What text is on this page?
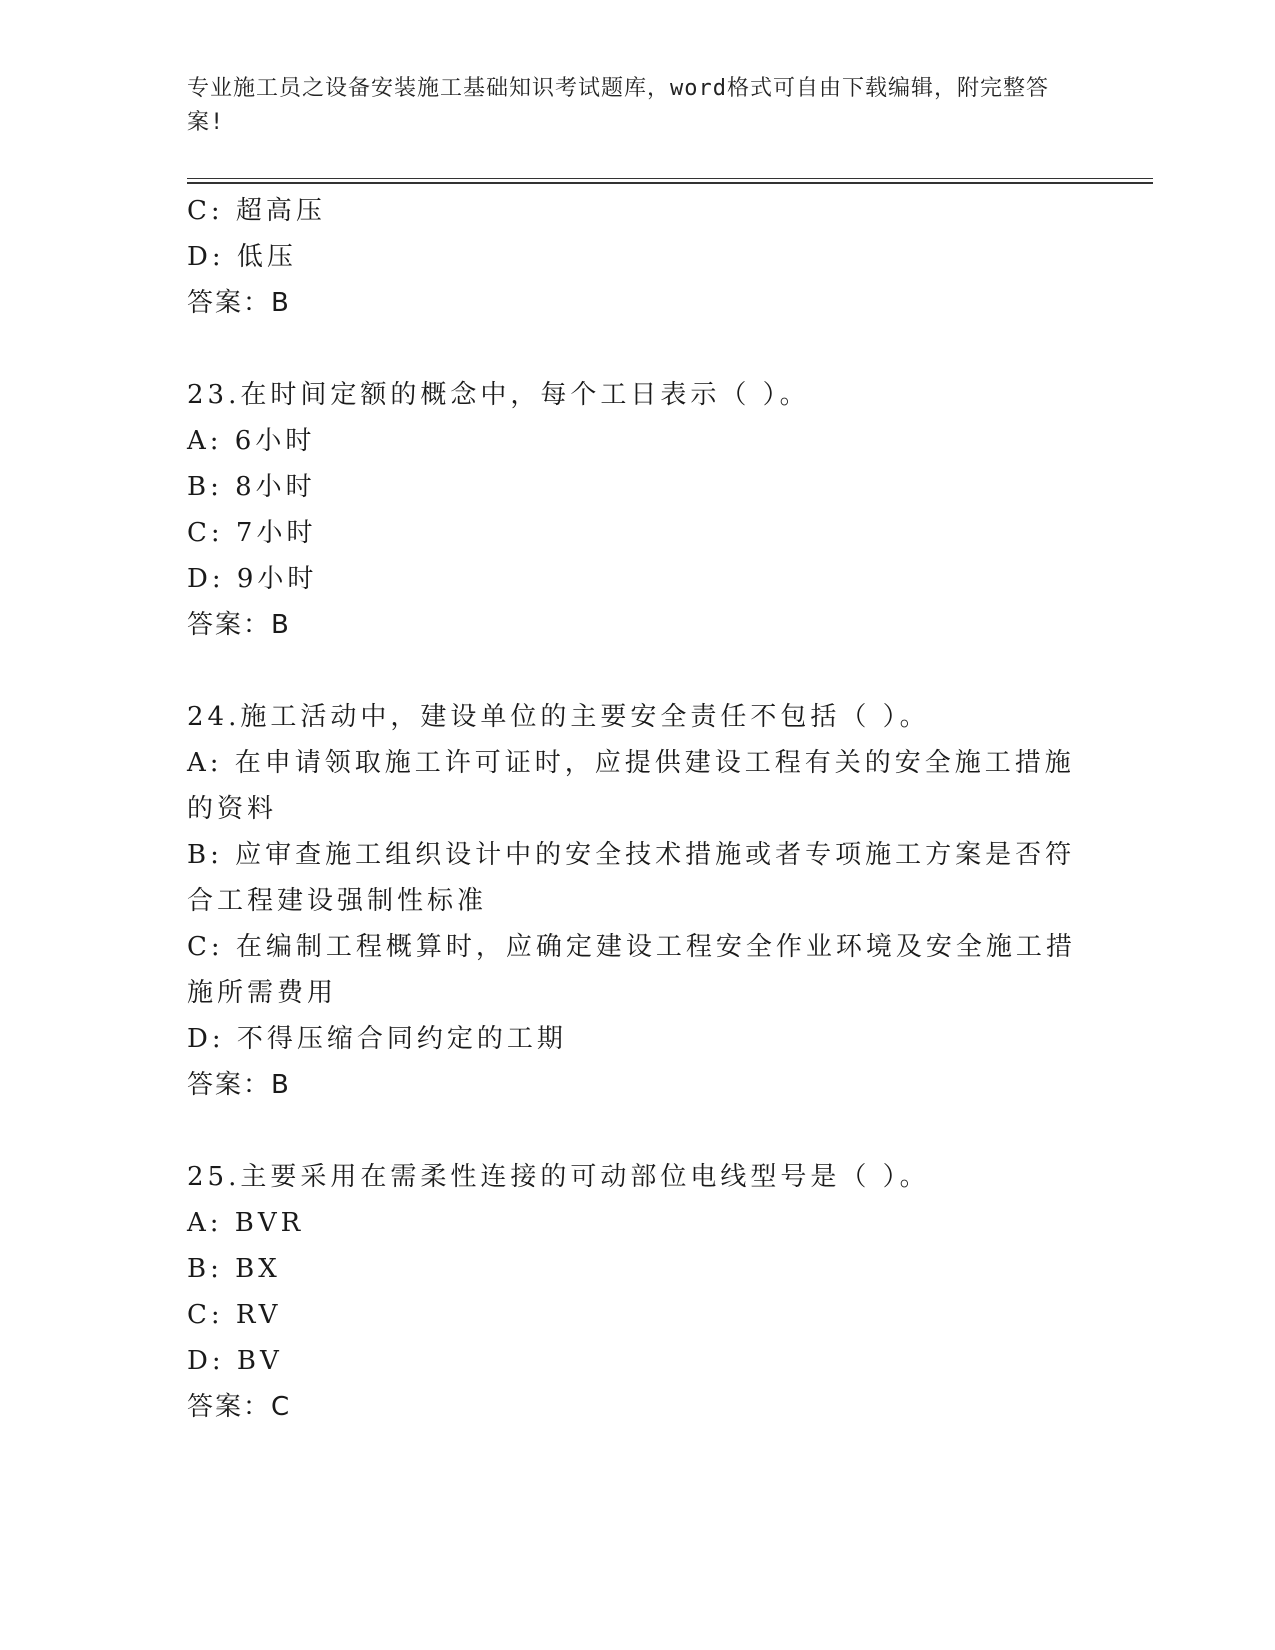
专业施工员之设备安装施工基础知识考试题库，word格式可自由下载编辑，附完整答案!
C: 超高压
D: 低压
答案：B
23.在时间定额的概念中，每个工日表示（ ）。
A: 6小时
B: 8小时
C: 7小时
D: 9小时
答案：B
24.施工活动中，建设单位的主要安全责任不包括（ ）。
A: 在申请领取施工许可证时，应提供建设工程有关的安全施工措施的资料
B: 应审查施工组织设计中的安全技术措施或者专项施工方案是否符合工程建设强制性标准
C: 在编制工程概算时，应确定建设工程安全作业环境及安全施工措施所需费用
D: 不得压缩合同约定的工期
答案：B
25.主要采用在需柔性连接的可动部位电线型号是（ ）。
A: BVR
B: BX
C: RV
D: BV
答案：C
